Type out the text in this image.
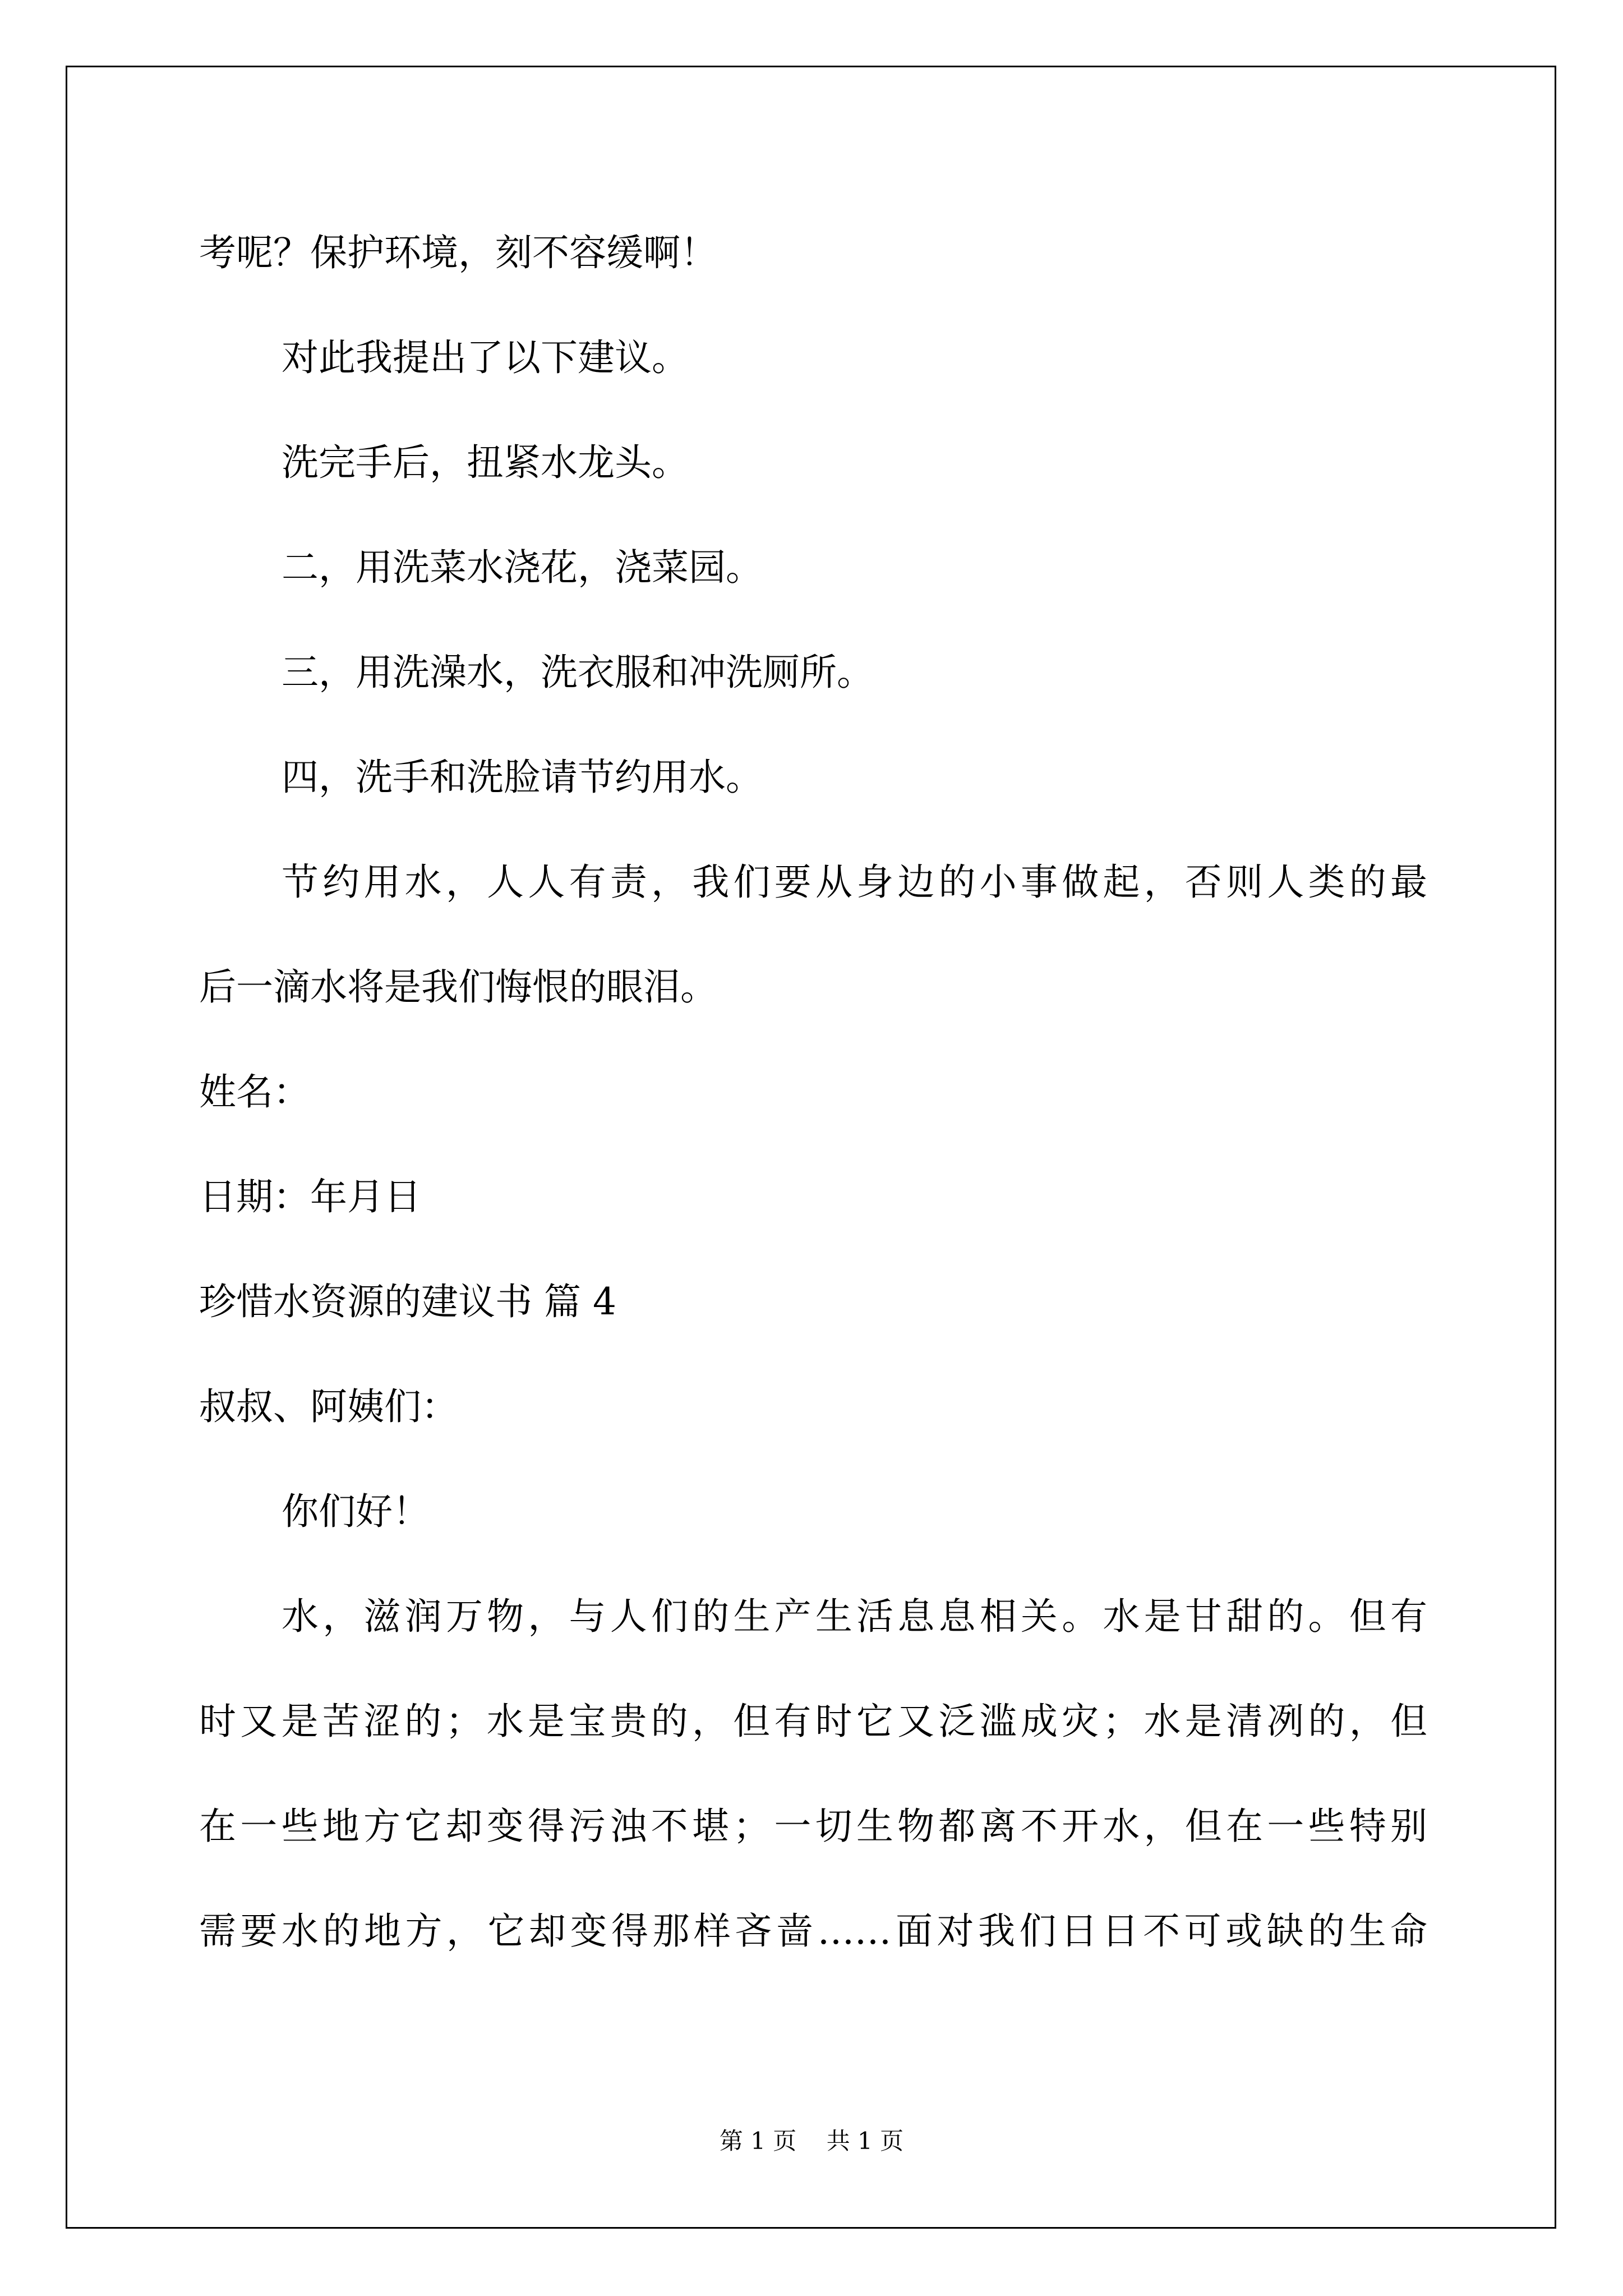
考呢？保护环境，刻不容缓啊！

对此我提出了以下建议。

洗完手后，扭紧水龙头。

二，用洗菜水浇花，浇菜园。

三，用洗澡水，洗衣服和冲洗厕所。

四，洗手和洗脸请节约用水。

节约用水，人人有责，我们要从身边的小事做起，否则人类的最

后一滴水将是我们悔恨的眼泪。

姓名：

日期：年月日

珍惜水资源的建议书 篇 4

叔叔、阿姨们：

你们好！

水，滋润万物，与人们的生产生活息息相关。水是甘甜的。但有

时又是苦涩的；水是宝贵的，但有时它又泛滥成灾；水是清冽的，但

在一些地方它却变得污浊不堪；一切生物都离不开水，但在一些特别

需要水的地方，它却变得那样吝啬……面对我们日日不可或缺的生命

第 1 页    共 1 页
